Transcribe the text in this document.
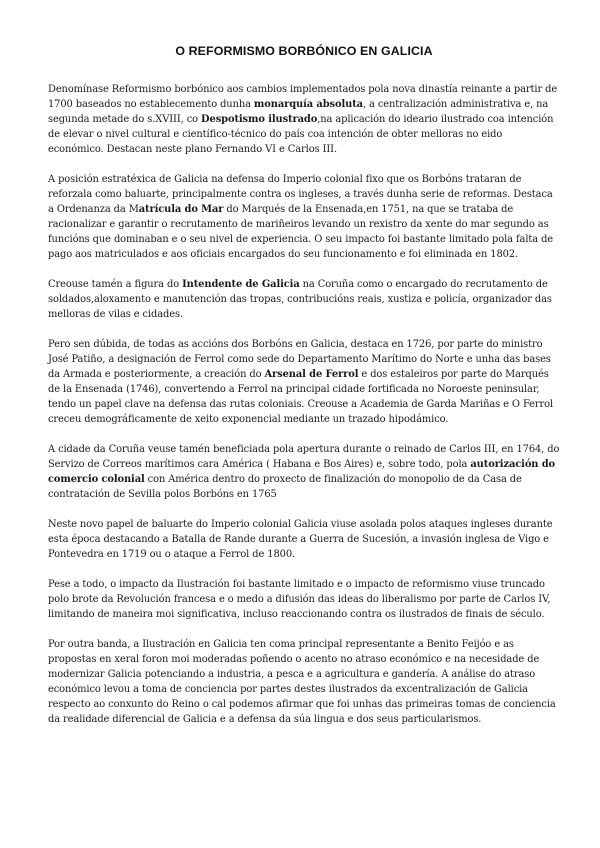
O REFORMISMO BORBÓNICO EN GALICIA

Denomínase Reformismo borbónico aos cambios implementados pola nova dinastía reinante a partir de 1700 baseados no establecemento dunha monarquía absoluta, a centralización administrativa e, na segunda metade do s.XVIII, co Despotismo ilustrado,na aplicación do ideario ilustrado coa intención de elevar o nivel cultural e científico-técnico do país coa intención de obter melloras no eido económico. Destacan neste plano Fernando VI e Carlos III.

A posición estratéxica de Galicia na defensa do Imperio colonial fixo que os Borbóns trataran de reforzala como baluarte, principalmente contra os ingleses, a través dunha serie de reformas. Destaca a Ordenanza da Matrícula do Mar do Marqués de la Ensenada,en 1751, na que se trataba de racionalizar e garantir o recrutamento de mariñeiros levando un rexistro da xente do mar segundo as funcións que dominaban e o seu nivel de experiencia. O seu impacto foi bastante limitado pola falta de pago aos matriculados e aos oficiais encargados do seu funcionamento e foi eliminada en 1802.

Creouse tamén a figura do Intendente de Galicia na Coruña como o encargado do recrutamento de soldados,aloxamento e manutención das tropas, contribucións reais, xustiza e policía, organizador das melloras de vilas e cidades.

Pero sen dúbida, de todas as accións dos Borbóns en Galicia, destaca en 1726, por parte do ministro José Patiño, a designación de Ferrol como sede do Departamento Marítimo do Norte e unha das bases da Armada e posteriormente, a creación do Arsenal de Ferrol e dos estaleiros por parte do Marqués de la Ensenada (1746), convertendo a Ferrol na principal cidade fortificada no Noroeste peninsular, tendo un papel clave na defensa das rutas coloniais. Creouse a Academia de Garda Mariñas e O Ferrol creceu demográficamente de xeito exponencial mediante un trazado hipodámico.

A cidade da Coruña veuse tamén beneficiada pola apertura durante o reinado de Carlos III, en 1764, do Servizo de Correos marítimos cara América ( Habana e Bos Aires) e, sobre todo, pola autorización do comercio colonial con América dentro do proxecto de finalización do monopolio de da Casa de contratación de Sevilla polos Borbóns en 1765

Neste novo papel de baluarte do Imperio colonial Galicia viuse asolada polos ataques ingleses durante esta época destacando a Batalla de Rande durante a Guerra de Sucesión, a invasión inglesa de Vigo e Pontevedra en 1719 ou o ataque a Ferrol de 1800.

Pese a todo, o impacto da Ilustración foi bastante limitado e o impacto de reformismo viuse truncado polo brote da Revolución francesa e o medo a difusión das ideas do liberalismo por parte de Carlos IV, limitando de maneira moi significativa, incluso reaccionando contra os ilustrados de finais de século.

Por outra banda, a Ilustración en Galicia ten coma principal representante a Benito Feijóo e as propostas en xeral foron moi moderadas poñendo o acento no atraso económico e na necesidade de modernizar Galicia potenciando a industria, a pesca e a agricultura e gandería. A análise do atraso económico levou a toma de conciencia por partes destes ilustrados da excentralización de Galicia respecto ao conxunto do Reino o cal podemos afirmar que foi unhas das primeiras tomas de conciencia da realidade diferencial de Galicia e a defensa da súa lingua e dos seus particularismos.
